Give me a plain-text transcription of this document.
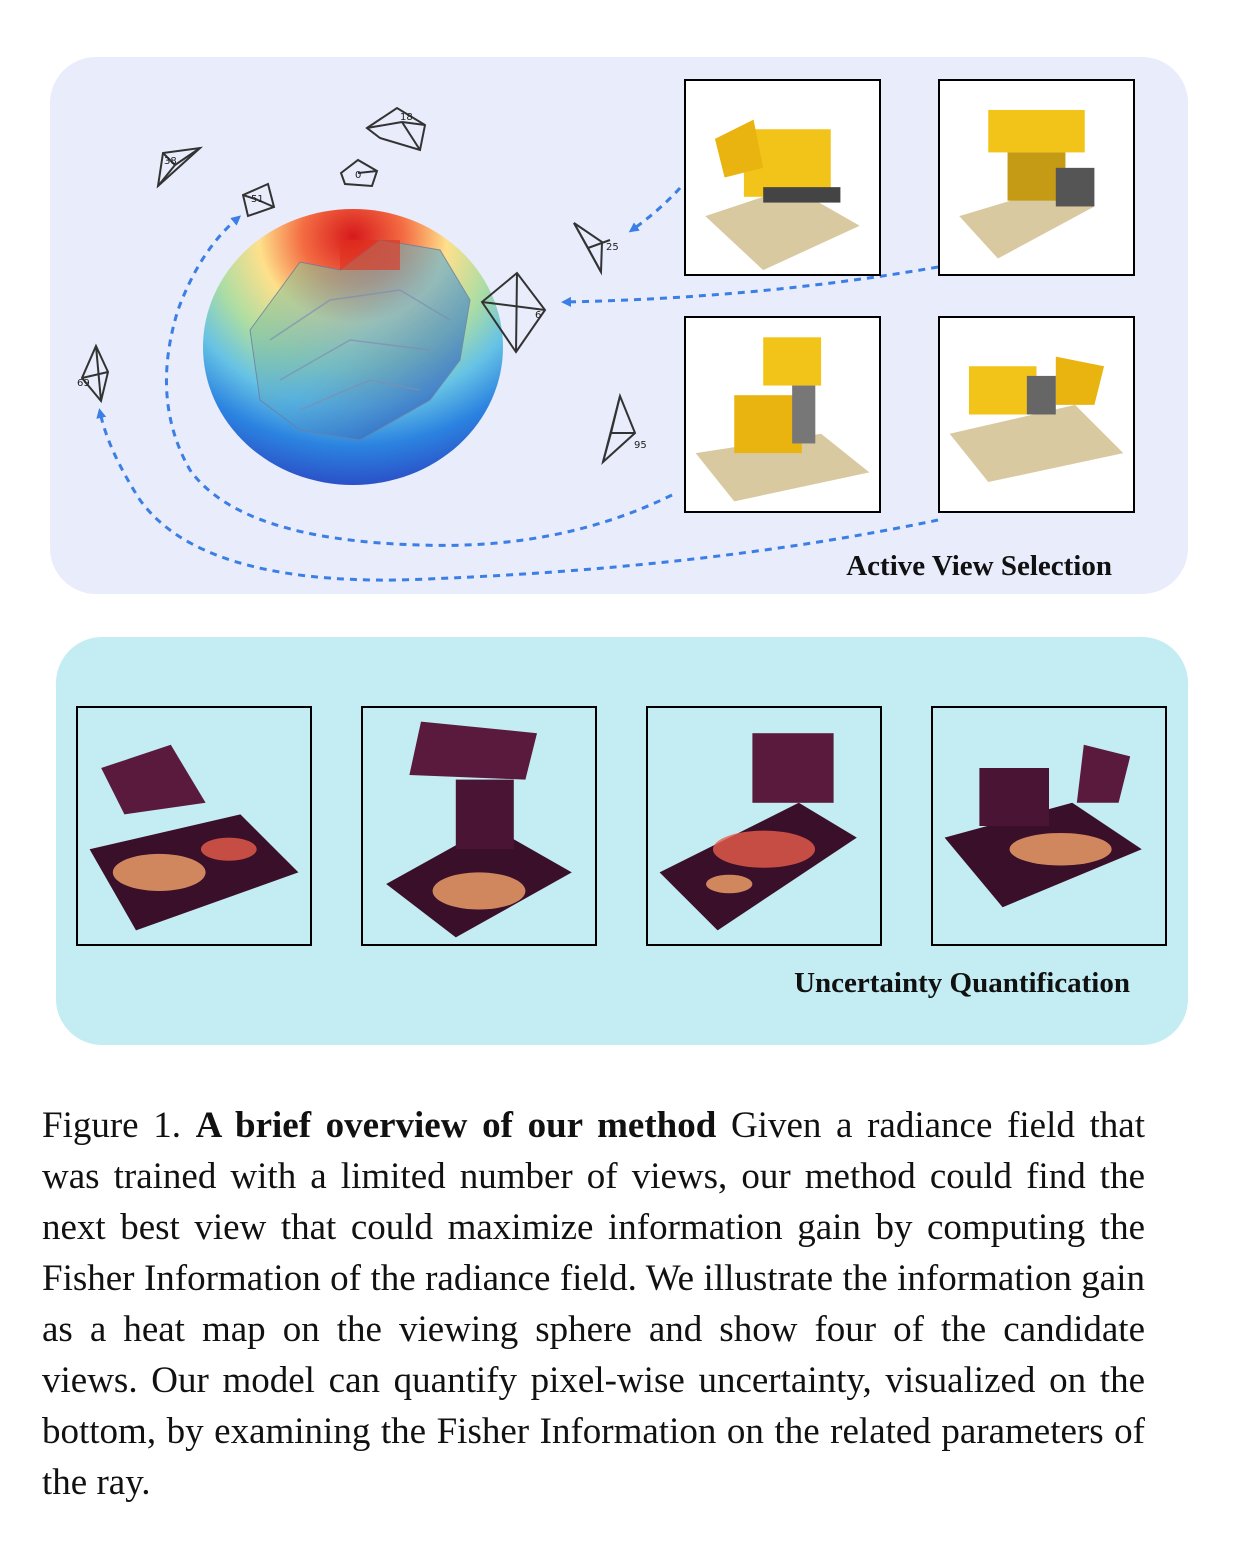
38
18
0
51
25
6
69
95
Active View Selection
Uncertainty Quantification
Figure 1. A brief overview of our method Given a radiance field that was trained with a limited number of views, our method could find the next best view that could maximize information gain by computing the Fisher Information of the radiance field. We illustrate the information gain as a heat map on the viewing sphere and show four of the candidate views. Our model can quantify pixel-wise uncertainty, visualized on the bottom, by examining the Fisher Information on the related parameters of the ray.
